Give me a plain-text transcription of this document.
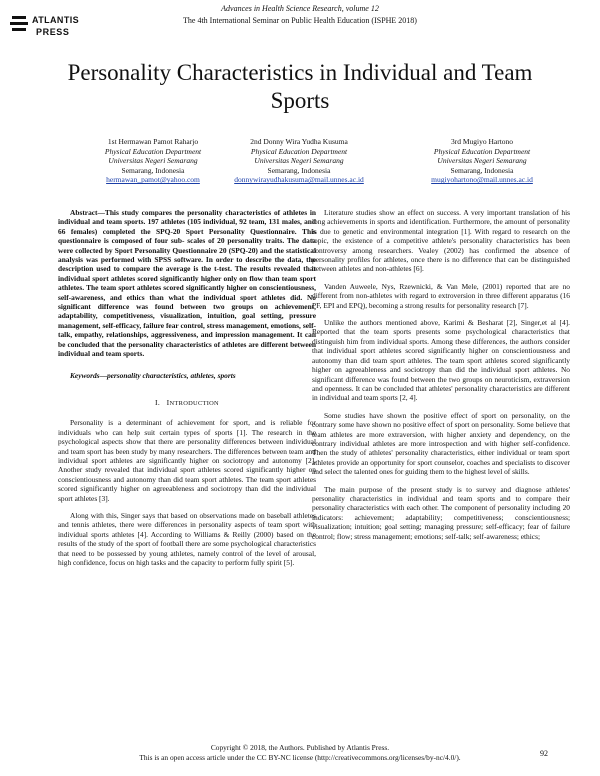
ATLANTIS
PRESS
Advances in Health Science Research, volume 12
The 4th International Seminar on Public Health Education (ISPHE 2018)
Personality Characteristics in Individual and Team Sports
1st Hermawan Pamot Raharjo
Physical Education Department
Universitas Negeri Semarang
Semarang, Indonesia
hermawan_pamot@yahoo.com
2nd Donny Wira Yudha Kusuma
Physical Education Department
Universitas Negeri Semarang
Semarang, Indonesia
donnywirayudhakusuma@mail.unnes.ac.id
3rd Mugiyo Hartono
Physical Education Department
Universitas Negeri Semarang
Semarang, Indonesia
mugiyohartono@mail.unnes.ac.id

Abstract—This study compares the personality characteristics of athletes in individual and team sports. 197 athletes (105 individual, 92 team, 131 males, and 66 females) completed the SPQ-20 Sport Personality Questionnaire. This questionnaire is composed of four sub- scales of 20 personality traits. The data were collected by Sport Personality Questionnaire 20 (SPQ-20) and the statistical analysis was performed with SPSS software. In order to describe the data, the description used to compare the average is the t-test. The results revealed that individual sport athletes scored significantly higher only on flow than team sport athletes. The team sport athletes scored significantly higher on conscientiousness, self-awareness, and ethics than what the individual sport athletes did. No significant difference was found between two groups on achievement, adaptability, competitiveness, visualization, intuition, goal setting, pressure management, self-efficacy, failure fear control, stress management, emotions, self-talk, empathy, relationships, aggressiveness, and impression management. It can be concluded that the personality characteristics of athletes are different between individual and team sports.

Keywords—personality characteristics, athletes, sports

I. INTRODUCTION

Personality is a determinant of achievement for sport, and is reliable for individuals who can help suit certain types of sports [1]. The research in the psychological aspects show that there are personality differences between individual and team sport has been study by many researchers. The differences between team and individual sport athletes are significantly higher on sociotropy and autonomy [2]. Another study revealed that individual sport athletes scored significantly higher on conscientiousness and autonomy than did team sport athletes. The team sport athletes scored significantly higher on agreeableness and sociotropy than did the individual sport athletes [3].

Along with this, Singer says that based on observations made on baseball athletes and tennis athletes, there were differences in personality aspects of team sport with individual sports athletes [4]. According to Williams & Reilly (2000) based on the results of the study of the sport of football there are some psychological characteristics that need to be possessed by young athletes, namely control of the level of arousal, high confidence, focus on high tasks and the capacity to perform fully spirit [5].

Literature studies show an effect on success. A very important translation of his long achievements in sports and identification. Furthermore, the amount of personality is due to genetic and environmental integration [1]. With regard to research on the topic, the existence of a competitive athlete's personality characteristics has been controversy among researchers. Vealey (2002) has confirmed the absence of personality profiles for athletes, once there is no difference that can be distinguished between athletes and non-athletes [6].

Vanden Auweele, Nys, Rzewnicki, & Van Mele, (2001) reported that are no different from non-athletes with regard to extroversion in three different apparatus (16 PF, EPI and EPQ), becoming a strong results for personality research [7].

Unlike the authors mentioned above, Karimi & Besharat [2], Singer,et al [4]. Reported that the team sports presents some psychological characteristics that distinguish him from individual sports. Among these differences, the authors consider that individual sport athletes scored significantly higher on conscientiousness and autonomy than did team sport athletes. The team sport athletes scored significantly higher on agreeableness and sociotropy than did the individual sport athletes. No significant difference was found between the two groups on neuroticism, extraversion and openness. It can be concluded that athletes' personality characteristics are different in individual and team sports [2, 4].

Some studies have shown the positive effect of sport on personality, on the contrary some have shown no positive effect of sport on personality. Some believe that team athletes are more extraversion, with higher anxiety and dependency, on the contrary individual athletes are more introspection and with higher self-confidence. Then the study of athletes' personality characteristics, either individual or team sport athletes provide an opportunity for sport counselor, coaches and specialists to discover and select the talented ones for guiding them to the highest level of skills.

The main purpose of the present study is to survey and diagnose athletes' personality characteristics in individual and team sports and to compare their personality characteristics with each other. The component of personality including 20 indicators: achievement; adaptability; competitiveness; conscientiousness; visualization; intuition; goal setting; managing pressure; self-efficacy; fear of failure control; flow; stress management; emotions; self-talk; self-awareness; ethics;

Copyright © 2018, the Authors. Published by Atlantis Press.
This is an open access article under the CC BY-NC license (http://creativecommons.org/licenses/by-nc/4.0/).	92
